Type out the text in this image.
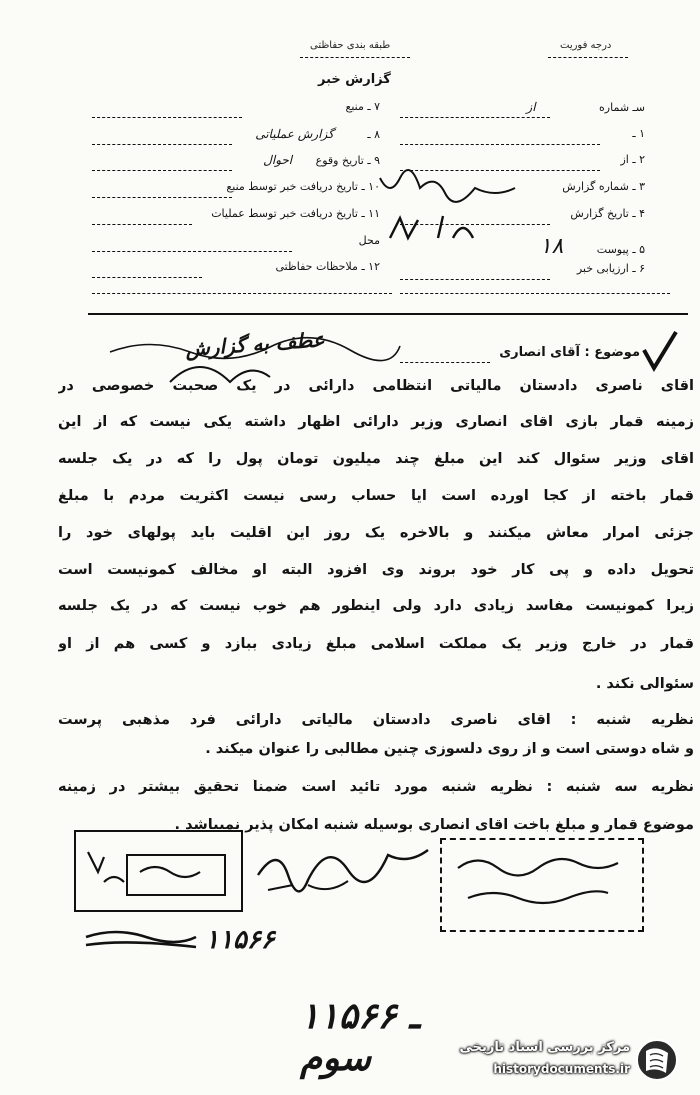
درجه فوریت
طبقه بندی حفاظتی
گزارش خبر
سـ شماره از
۱ ـ
۲ ـ از
۳ ـ شماره گزارش
۴ ـ تاریخ گزارش
۵ ـ پیوست ۱۸
۶ ـ ارزیابی خبر
۷ ـ منبع
۸ ـ گزارش عملیاتی
۹ ـ تاریخ وقوع احوال
۱۰ ـ تاریخ دریافت خبر توسط منبع
۱۱ ـ تاریخ دریافت خبر توسط عملیات
محل
۱۲ ـ ملاحظات حفاظتی
موضوع : آقای انصاری
عطف به گزارش
آقای ناصری دادستان مالیاتی انتظامی دارائی در یک صحبت خصوصی در
زمینه قمار بازی آقای انصاری وزیر دارائی اظهار داشته یکی نیست که از این
آقای وزیر سئوال کند این مبلغ چند میلیون تومان پول را که در یک جلسه
قمار باخته از کجا آورده است آیا حساب رسی نیست اکثریت مردم با مبلغ
جزئی امرار معاش میکنند و بالاخره یک روز این اقلیت باید پولهای خود را
تحویل داده و پی کار خود بروند وی افزود البته او مخالف کمونیست است
زیرا کمونیست مفاسد زیادی دارد ولی اینطور هم خوب نیست که در یک جلسه
قمار در خارج وزیر یک مملکت اسلامی مبلغ زیادی ببازد و کسی هم از او
سئوالی نکند .
نظریه شنبه : آقای ناصری دادستان مالیاتی دارائی فرد مذهبی پرست
و شاه دوستی است و از روی دلسوزی چنین مطالبی را عنوان میکند .
نظریه سه شنبه : نظریه شنبه مورد تائید است ضمناً تحقیق بیشتر در زمینه
موضوع قمار و مبلغ باخت آقای انصاری بوسیله شنبه امکان پذیر نمیباشد .
۱۱۵۶۶
۱۱۵۶۶ ـ سوم	مرکز بررسی اسناد تاریخی
historydocuments.ir
